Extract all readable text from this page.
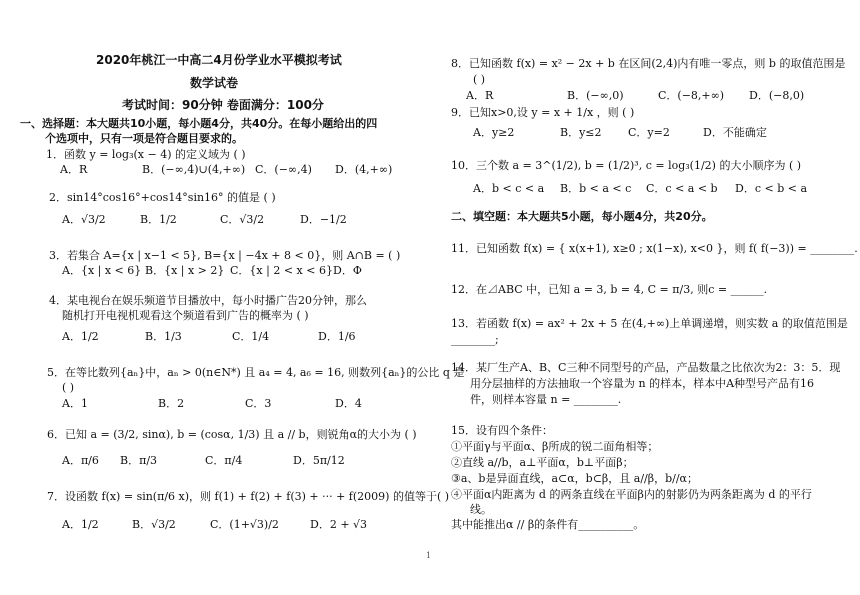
2020年桃江一中高二4月份学业水平模拟考试
数学试卷
考试时间：90分钟 卷面满分：100分
一、选择题：本大题共10小题，每小题4分，共40分。在每小题给出的四
个选项中，只有一项是符合题目要求的。
1．函数 y = log₃(x − 4) 的定义域为 ( )
A．R	B．(−∞,4)∪(4,+∞) C．(−∞,4) D．(4,+∞)
2．sin14°cos16°+cos14°sin16° 的值是 ( )
A．√3/2	B．1/2	C．√3/2	D．−1/2
3．若集合 A={x | x−1 < 5}, B={x | −4x + 8 < 0}，则 A∩B = ( )
A．{x | x < 6} B．{x | x > 2} C．{x | 2 < x < 6} D．Φ
4．某电视台在娱乐频道节目播放中，每小时播广告20分钟，那么
随机打开电视机观看这个频道看到广告的概率为 ( )
A．1/2	B．1/3	C．1/4	D．1/6
5．在等比数列{aₙ}中，aₙ > 0(n∈N*) 且 a₄ = 4, a₆ = 16, 则数列{aₙ}的公比 q 是
( )
A．1	B．2	C．3	D．4
6．已知 a = (3/2, sinα), b = (cosα, 1/3) 且 a // b，则锐角α的大小为 ( )
A．π/6 B．π/3	C．π/4	D．5π/12
7．设函数 f(x) = sin(π/6 x)，则 f(1) + f(2) + f(3) + ··· + f(2009) 的值等于( )
A．1/2	B．√3/2	C．(1+√3)/2	D．2 + √3
8．已知函数 f(x) = x² − 2x + b 在区间(2,4)内有唯一零点，则 b 的取值范围是
( )
A．R	B．(−∞,0)	C．(−8,+∞) D．(−8,0)
9．已知x>0,设 y = x + 1/x ，则 ( )
A．y≥2	B．y≤2 C．y=2	D．不能确定
10．三个数 a = 3^(1/2), b = (1/2)³, c = log₃(1/2) 的大小顺序为 ( )
A．b < c < a B．b < a < c C．c < a < b D．c < b < a
二、填空题：本大题共5小题，每小题4分，共20分。
11．已知函数 f(x) = { x(x+1), x≥0 ; x(1−x), x<0 }，则 f( f(−3)) = ________.
12．在⊿ABC 中，已知 a = 3, b = 4, C = π/3, 则c = ______.
13．若函数 f(x) = ax² + 2x + 5 在(4,+∞)上单调递增，则实数 a 的取值范围是
________;
14．某厂生产A、B、C三种不同型号的产品，产品数量之比依次为2：3：5．现
用分层抽样的方法抽取一个容量为 n 的样本，样本中A种型号产品有16
件，则样本容量 n = ________.
15．设有四个条件：
①平面γ与平面α、β所成的锐二面角相等；
②直线 a//b，a⊥平面α，b⊥平面β；
③a、b是异面直线，a⊂α，b⊂β，且 a//β，b//α；
④平面α内距离为 d 的两条直线在平面β内的射影仍为两条距离为 d 的平行
线。
其中能推出α // β的条件有__________。
1
